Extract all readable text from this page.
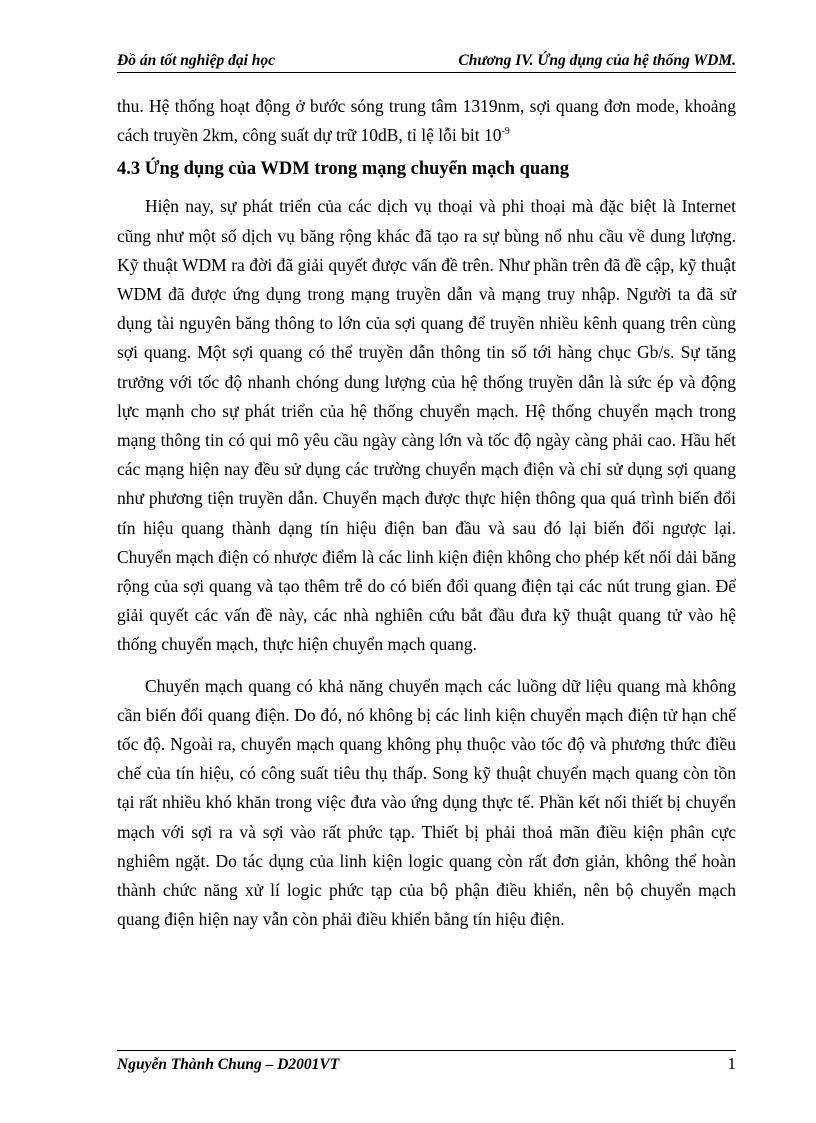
Đồ án tốt nghiệp đại học	Chương IV. Ứng dụng của hệ thống WDM.

thu. Hệ thống hoạt động ở bước sóng trung tâm 1319nm, sợi quang đơn mode, khoảng cách truyền 2km, công suất dự trữ 10dB, tỉ lệ lỗi bit $10^{-9}$

4.3 Ứng dụng của WDM trong mạng chuyển mạch quang

Hiện nay, sự phát triển của các dịch vụ thoại và phi thoại mà đặc biệt là Internet cũng như một số dịch vụ băng rộng khác đã tạo ra sự bùng nổ nhu cầu về dung lượng. Kỹ thuật WDM ra đời đã giải quyết được vấn đề trên. Như phần trên đã đề cập, kỹ thuật WDM đã được ứng dụng trong mạng truyền dẫn và mạng truy nhập. Người ta đã sử dụng tài nguyên băng thông to lớn của sợi quang để truyền nhiều kênh quang trên cùng sợi quang. Một sợi quang có thể truyền dẫn thông tin số tới hàng chục Gb/s. Sự tăng trưởng với tốc độ nhanh chóng dung lượng của hệ thống truyền dẫn là sức ép và động lực mạnh cho sự phát triển của hệ thống chuyển mạch. Hệ thống chuyển mạch trong mạng thông tin có qui mô yêu cầu ngày càng lớn và tốc độ ngày càng phải cao. Hầu hết các mạng hiện nay đều sử dụng các trường chuyển mạch điện và chỉ sử dụng sợi quang như phương tiện truyền dẫn. Chuyển mạch được thực hiện thông qua quá trình biến đổi tín hiệu quang thành dạng tín hiệu điện ban đầu và sau đó lại biến đổi ngược lại. Chuyển mạch điện có nhược điểm là các linh kiện điện không cho phép kết nối dải băng rộng của sợi quang và tạo thêm trễ do có biến đổi quang điện tại các nút trung gian. Để giải quyết các vấn đề này, các nhà nghiên cứu bắt đầu đưa kỹ thuật quang tử vào hệ thống chuyển mạch, thực hiện chuyển mạch quang.

Chuyển mạch quang có khả năng chuyển mạch các luồng dữ liệu quang mà không cần biến đổi quang điện. Do đó, nó không bị các linh kiện chuyển mạch điện tử hạn chế tốc độ. Ngoài ra, chuyển mạch quang không phụ thuộc vào tốc độ và phương thức điều chế của tín hiệu, có công suất tiêu thụ thấp. Song kỹ thuật chuyển mạch quang còn tồn tại rất nhiều khó khăn trong việc đưa vào ứng dụng thực tế. Phần kết nối thiết bị chuyển mạch với sợi ra và sợi vào rất phức tạp. Thiết bị phải thoả mãn điều kiện phân cực nghiêm ngặt. Do tác dụng của linh kiện logic quang còn rất đơn giản, không thể hoàn thành chức năng xử lí logic phức tạp của bộ phận điều khiển, nên bộ chuyển mạch quang điện hiện nay vẫn còn phải điều khiển bằng tín hiệu điện.

Nguyễn Thành Chung – D2001VT	1
